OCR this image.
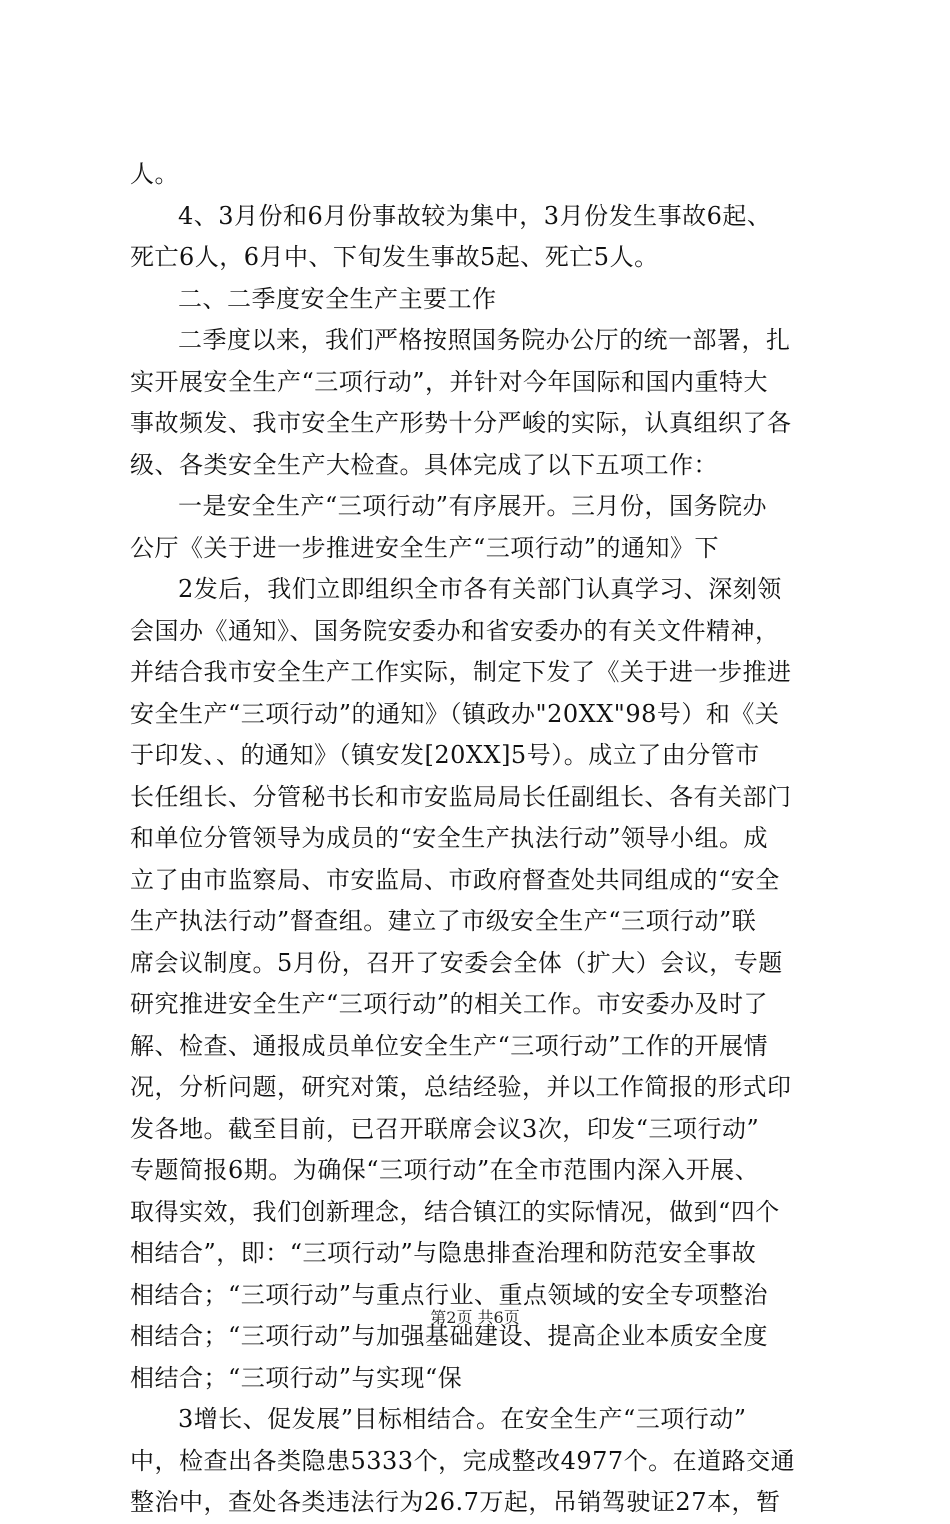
人。
4、3月份和6月份事故较为集中，3月份发生事故6起、
死亡6人，6月中、下旬发生事故5起、死亡5人。
二、二季度安全生产主要工作
二季度以来，我们严格按照国务院办公厅的统一部署，扎
实开展安全生产“三项行动”，并针对今年国际和国内重特大
事故频发、我市安全生产形势十分严峻的实际，认真组织了各
级、各类安全生产大检查。具体完成了以下五项工作：
一是安全生产“三项行动”有序展开。三月份，国务院办
公厅《关于进一步推进安全生产“三项行动”的通知》下
2发后，我们立即组织全市各有关部门认真学习、深刻领
会国办《通知》、国务院安委办和省安委办的有关文件精神，
并结合我市安全生产工作实际，制定下发了《关于进一步推进
安全生产“三项行动”的通知》（镇政办"20XX"98号）和《关
于印发、、的通知》（镇安发[20XX]5号）。成立了由分管市
长任组长、分管秘书长和市安监局局长任副组长、各有关部门
和单位分管领导为成员的“安全生产执法行动”领导小组。成
立了由市监察局、市安监局、市政府督查处共同组成的“安全
生产执法行动”督查组。建立了市级安全生产“三项行动”联
席会议制度。5月份，召开了安委会全体（扩大）会议，专题
研究推进安全生产“三项行动”的相关工作。市安委办及时了
解、检查、通报成员单位安全生产“三项行动”工作的开展情
况，分析问题，研究对策，总结经验，并以工作简报的形式印
发各地。截至目前，已召开联席会议3次，印发“三项行动”
专题简报6期。为确保“三项行动”在全市范围内深入开展、
取得实效，我们创新理念，结合镇江的实际情况，做到“四个
相结合”，即：“三项行动”与隐患排查治理和防范安全事故
相结合；“三项行动”与重点行业、重点领域的安全专项整治
相结合；“三项行动”与加强基础建设、提高企业本质安全度
相结合；“三项行动”与实现“保
3增长、促发展”目标相结合。在安全生产“三项行动”
中，检查出各类隐患5333个，完成整改4977个。在道路交通
整治中，查处各类违法行为26.7万起，吊销驾驶证27本，暂
第2页 共6页
